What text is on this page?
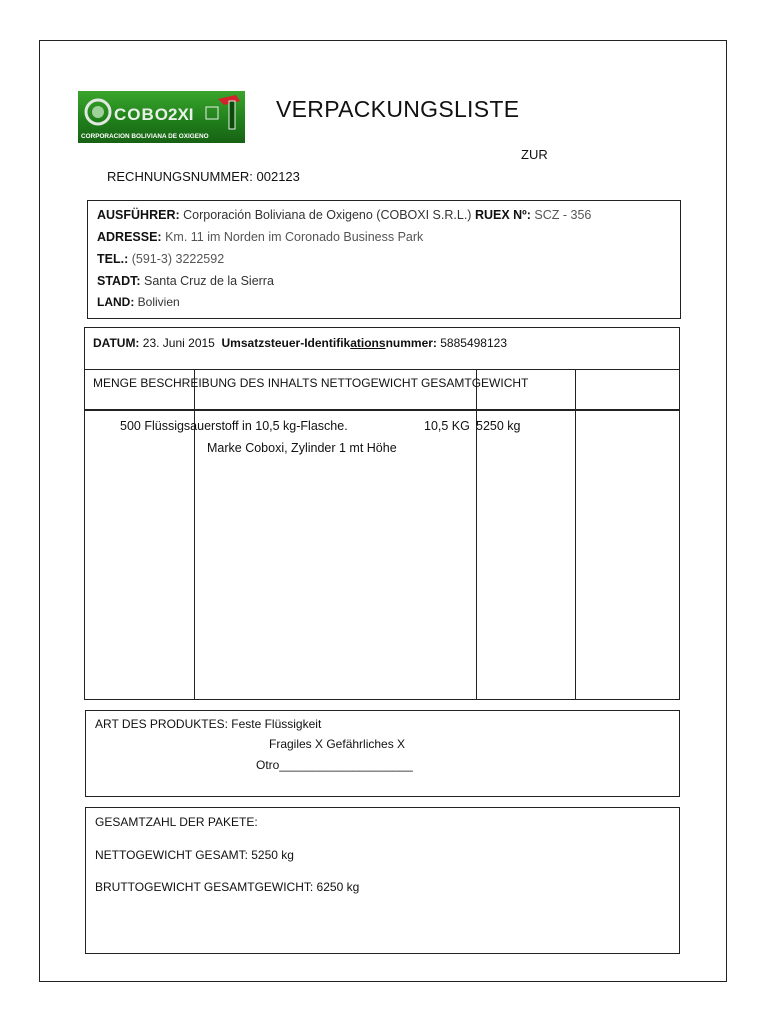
COBO 2XI
CORPORACION BOLIVIANA DE OXIGENO
VERPACKUNGSLISTE
ZUR
RECHNUNGSNUMMER: 002123
AUSFÜHRER: Corporación Boliviana de Oxigeno (COBOXI S.R.L.) RUEX Nº: SCZ - 356
ADRESSE: Km. 11 im Norden im Coronado Business Park
TEL.: (591-3) 3222592
STADT: Santa Cruz de la Sierra
LAND: Bolivien
DATUM: 23. Juni 2015 Umsatzsteuer-Identifikationsnummer: 5885498123
MENGE BESCHREIBUNG DES INHALTS NETTOGEWICHT GESAMTGEWICHT
500 Flüssigsauerstoff in 10,5 kg-Flasche.	10,5 KG 5250 kg
Marke Coboxi, Zylinder 1 mt Höhe
ART DES PRODUKTES: Feste Flüssigkeit
Fragiles X Gefährliches X
Otro____________________
GESAMTZAHL DER PAKETE:
NETTOGEWICHT GESAMT: 5250 kg
BRUTTOGEWICHT GESAMTGEWICHT: 6250 kg
